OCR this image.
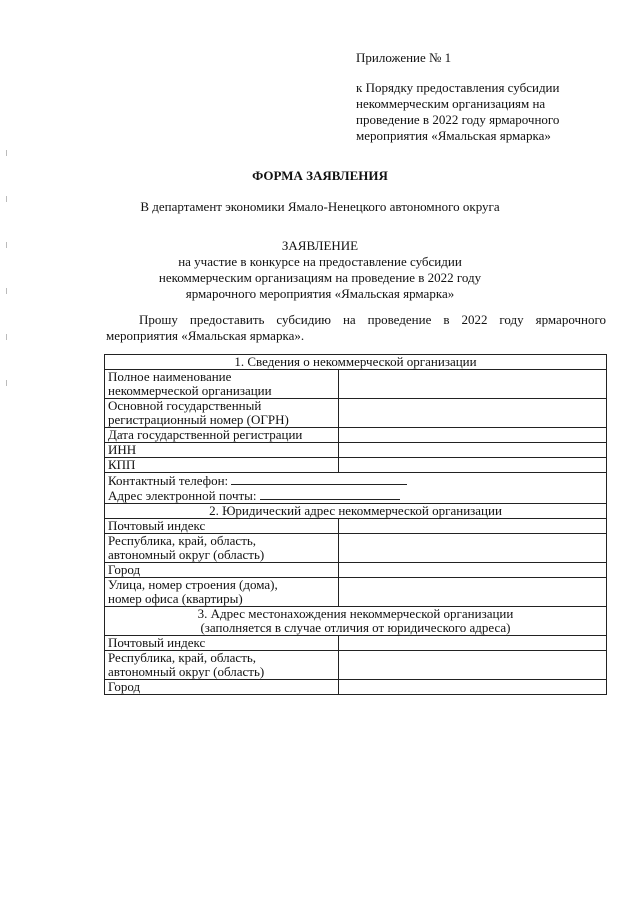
Приложение № 1
к Порядку предоставления субсидии
некоммерческим организациям на
проведение в 2022 году ярмарочного
мероприятия «Ямальская ярмарка»
ФОРМА ЗАЯВЛЕНИЯ
В департамент экономики Ямало-Ненецкого автономного округа
ЗАЯВЛЕНИЕ
на участие в конкурсе на предоставление субсидии
некоммерческим организациям на проведение в 2022 году
ярмарочного мероприятия «Ямальская ярмарка»
Прошу предоставить субсидию на проведение в 2022 году ярмарочного мероприятия «Ямальская ярмарка».
1. Сведения о некоммерческой организации	

Полное наименование
некоммерческой организации	

Основной государственный
регистрационный номер (ОГРН)	

Дата государственной регистрации	
ИНН	
КПП	

Контактный телефон:
Адрес электронной почты:	

2. Юридический адрес некоммерческой организации	
Почтовый индекс	

Республика, край, область,
автономный округ (область)	

Город	

Улица, номер строения (дома),
номер офиса (квартиры)	

3. Адрес местонахождения некоммерческой организации
(заполняется в случае отличия от юридического адреса)	

Почтовый индекс	

Республика, край, область,
автономный округ (область)	

Город	
